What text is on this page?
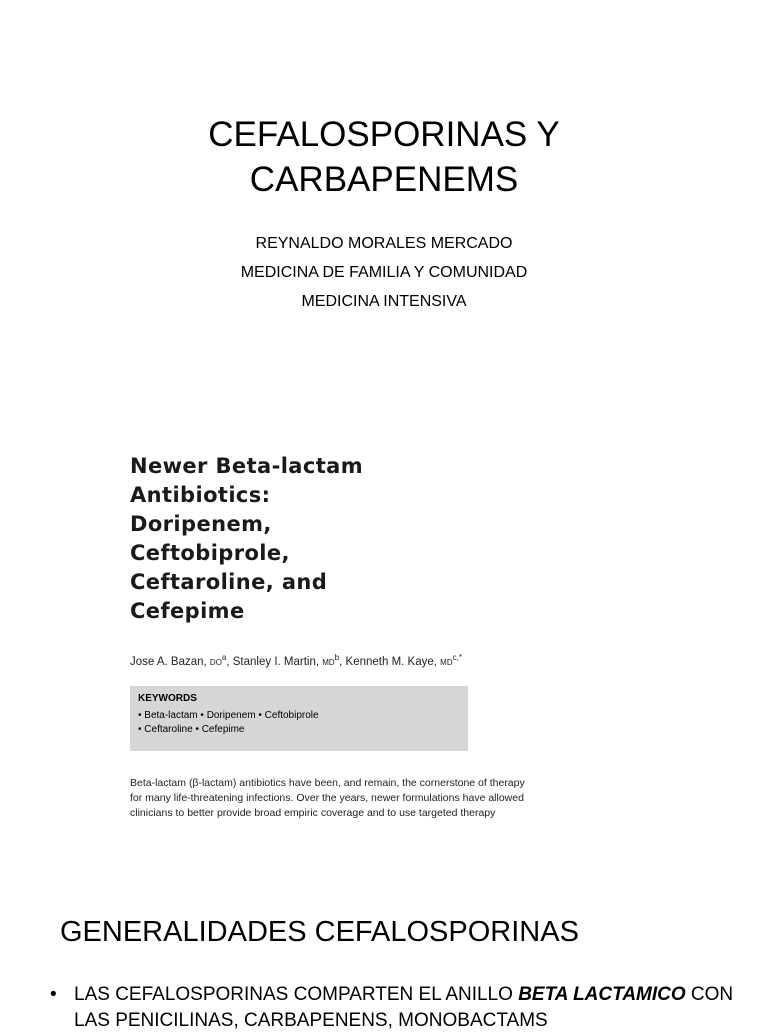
CEFALOSPORINAS Y
CARBAPENEMS
REYNALDO MORALES MERCADO
MEDICINA DE FAMILIA Y COMUNIDAD
MEDICINA INTENSIVA
Newer Beta-lactam
Antibiotics:
Doripenem,
Ceftobiprole,
Ceftaroline, and
Cefepime
Jose A. Bazan, $DO^a$, Stanley I. Martin, $MD^b$, Kenneth M. Kaye, $MD^{c,*}$
KEYWORDS
• Beta-lactam • Doripenem • Ceftobiprole
• Ceftaroline • Cefepime
Beta-lactam (β-lactam) antibiotics have been, and remain, the cornerstone of therapy
for many life-threatening infections. Over the years, newer formulations have allowed
clinicians to better provide broad empiric coverage and to use targeted therapy
GENERALIDADES CEFALOSPORINAS
• LAS CEFALOSPORINAS COMPARTEN EL ANILLO BETA LACTAMICO CON
LAS PENICILINAS, CARBAPENENS, MONOBACTAMS
